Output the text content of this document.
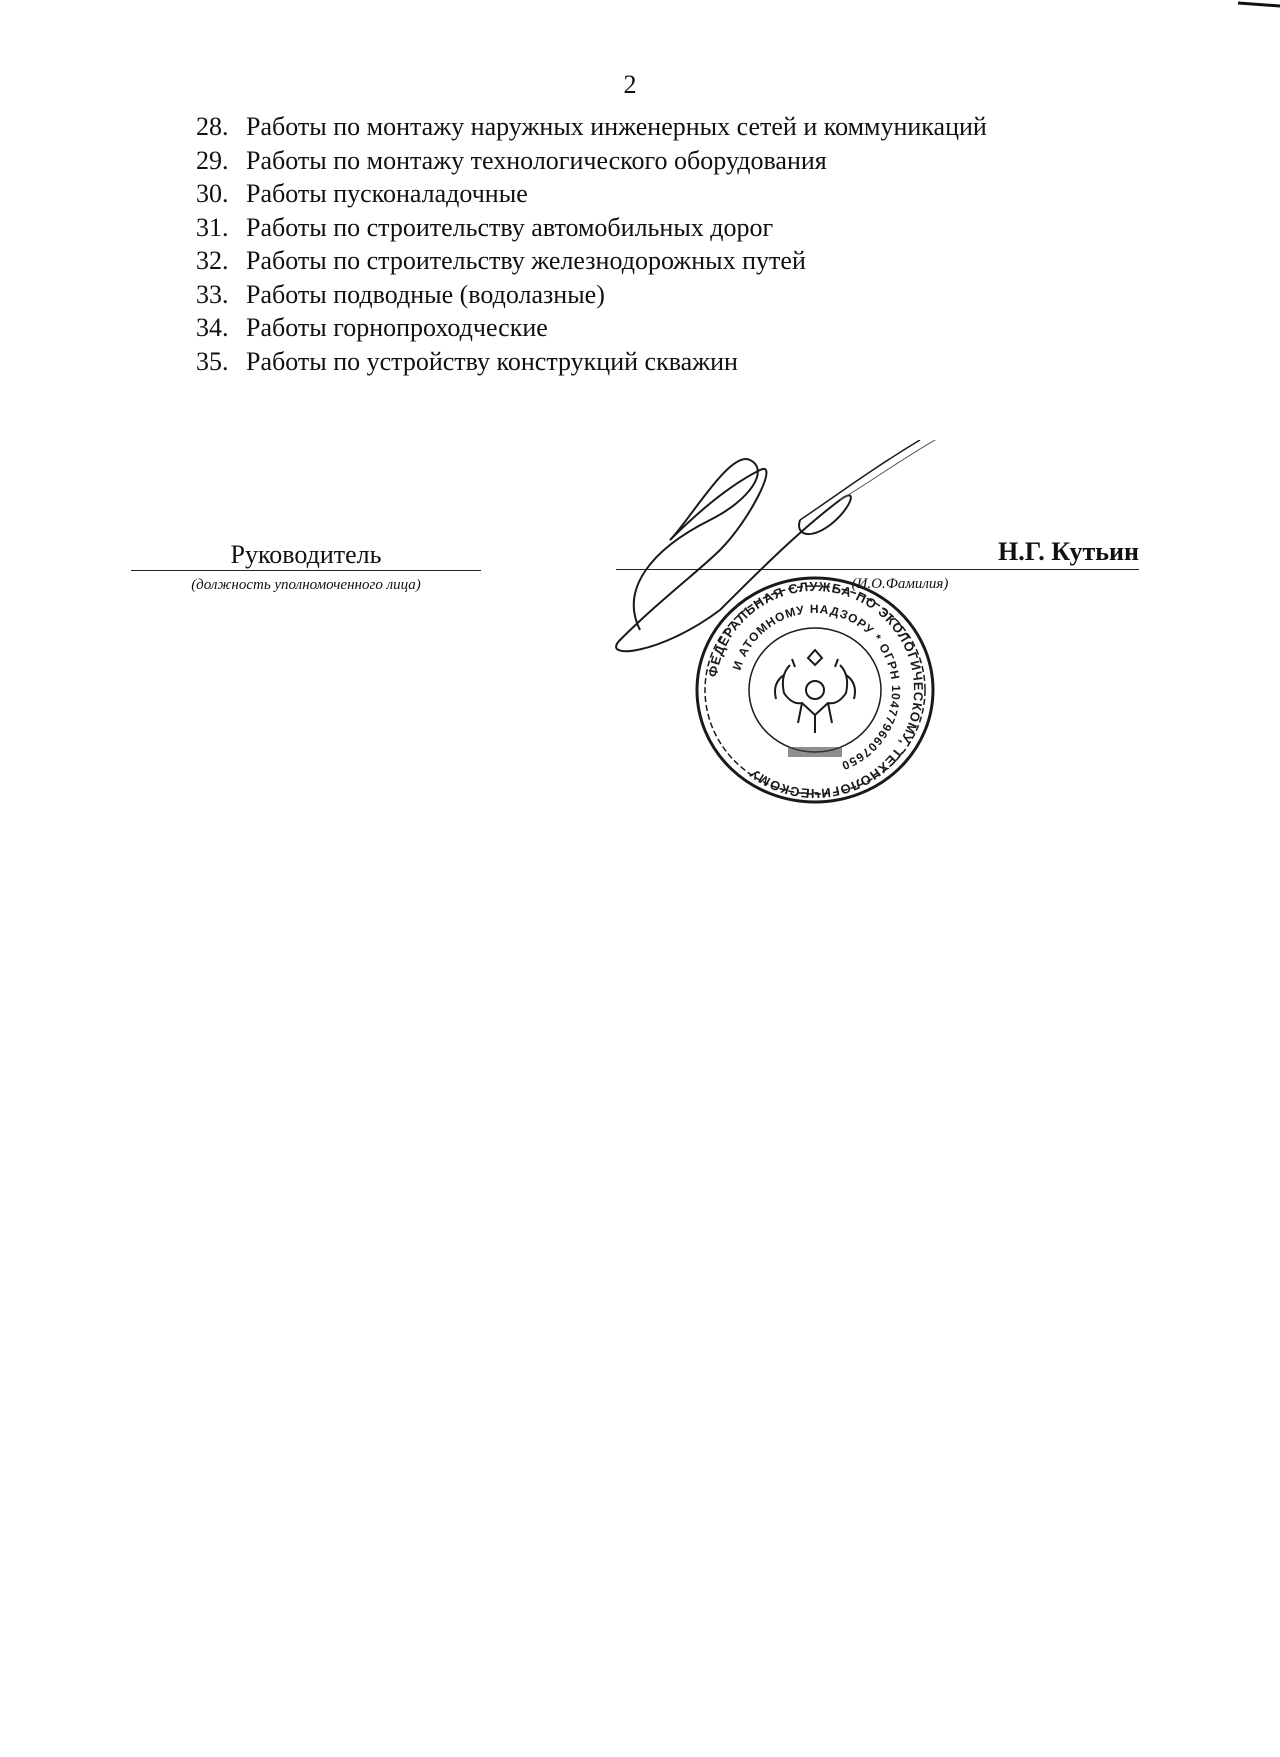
2
28. Работы по монтажу наружных инженерных сетей и коммуникаций
29. Работы по монтажу технологического оборудования
30. Работы пусконаладочные
31. Работы по строительству автомобильных дорог
32. Работы по строительству железнодорожных путей
33. Работы подводные (водолазные)
34. Работы горнопроходческие
35. Работы по устройству конструкций скважин
Руководитель
(должность уполномоченного лица)	(И.О.Фамилия)
ФЕДЕРАЛЬНАЯ СЛУЖБА ПО ЭКОЛОГИЧЕСКОМУ, ТЕХНОЛОГИЧЕСКОМУ
И АТОМНОМУ НАДЗОРУ * ОГРН 1047796607650
Н.Г. Кутьин
